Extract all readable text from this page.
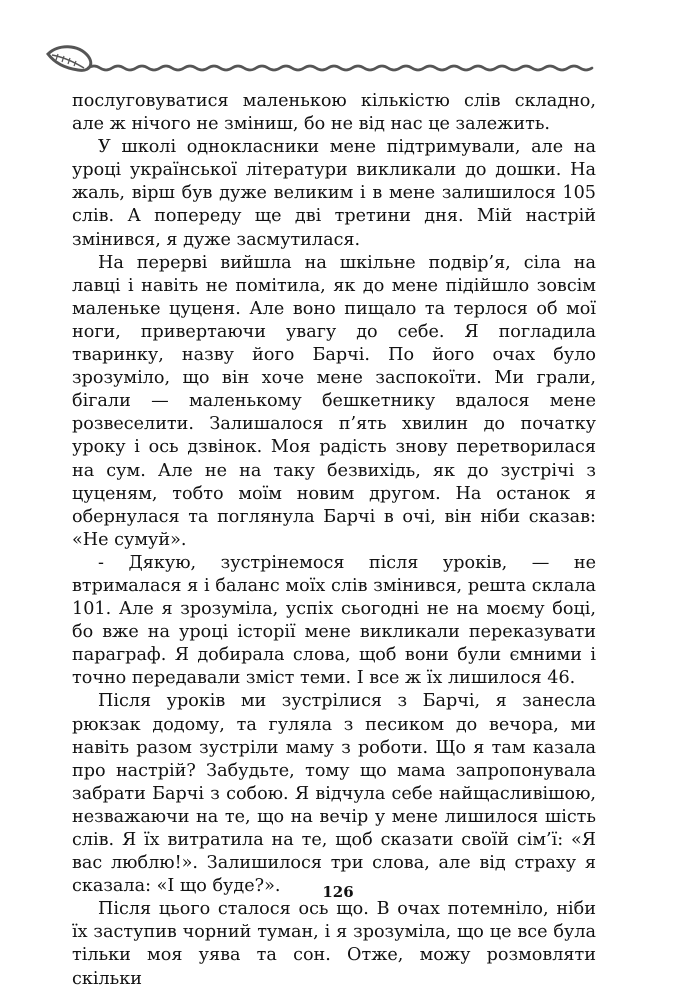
послуговуватися маленькою кількістю слів складно, але ж нічого не зміниш, бо не від нас це залежить.

У школі однокласники мене підтримували, але на уроці української літератури викликали до дошки. На жаль, вірш був дуже великим і в мене залишилося 105 слів. А попереду ще дві третини дня. Мій настрій змінився, я дуже засмутилася.

На перерві вийшла на шкільне подвір’я, сіла на лавці і навіть не помітила, як до мене підійшло зовсім маленьке цуценя. Але воно пищало та терлося об мої ноги, привертаючи увагу до себе. Я погладила тваринку, назву його Барчі. По його очах було зрозуміло, що він хоче мене заспокоїти. Ми грали, бігали — маленькому бешкетнику вдалося мене розвеселити. Залишалося п’ять хвилин до початку уроку і ось дзвінок. Моя радість знову перетворилася на сум. Але не на таку безвихідь, як до зустрічі з цуценям, тобто моїм новим другом. На останок я обернулася та поглянула Барчі в очі, він ніби сказав: «Не сумуй».

- Дякую, зустрінемося після уроків, — не втрималася я і баланс моїх слів змінився, решта склала 101. Але я зрозуміла, успіх сьогодні не на моєму боці, бо вже на уроці історії мене викликали переказувати параграф. Я добирала слова, щоб вони були ємними і точно передавали зміст теми. І все ж їх лишилося 46.

Після уроків ми зустрілися з Барчі, я занесла рюкзак додому, та гуляла з песиком до вечора, ми навіть разом зустріли маму з роботи. Що я там казала про настрій? Забудьте, тому що мама запропонувала забрати Барчі з собою. Я відчула себе найщасливішою, незважаючи на те, що на вечір у мене лишилося шість слів. Я їх витратила на те, щоб сказати своїй сім’ї: «Я вас люблю!». Залишилося три слова, але від страху я сказала: «І що буде?».

Після цього сталося ось що. В очах потемніло, ніби їх заступив чорний туман, і я зрозуміла, що це все була тільки моя уява та сон. Отже, можу розмовляти скільки

126
